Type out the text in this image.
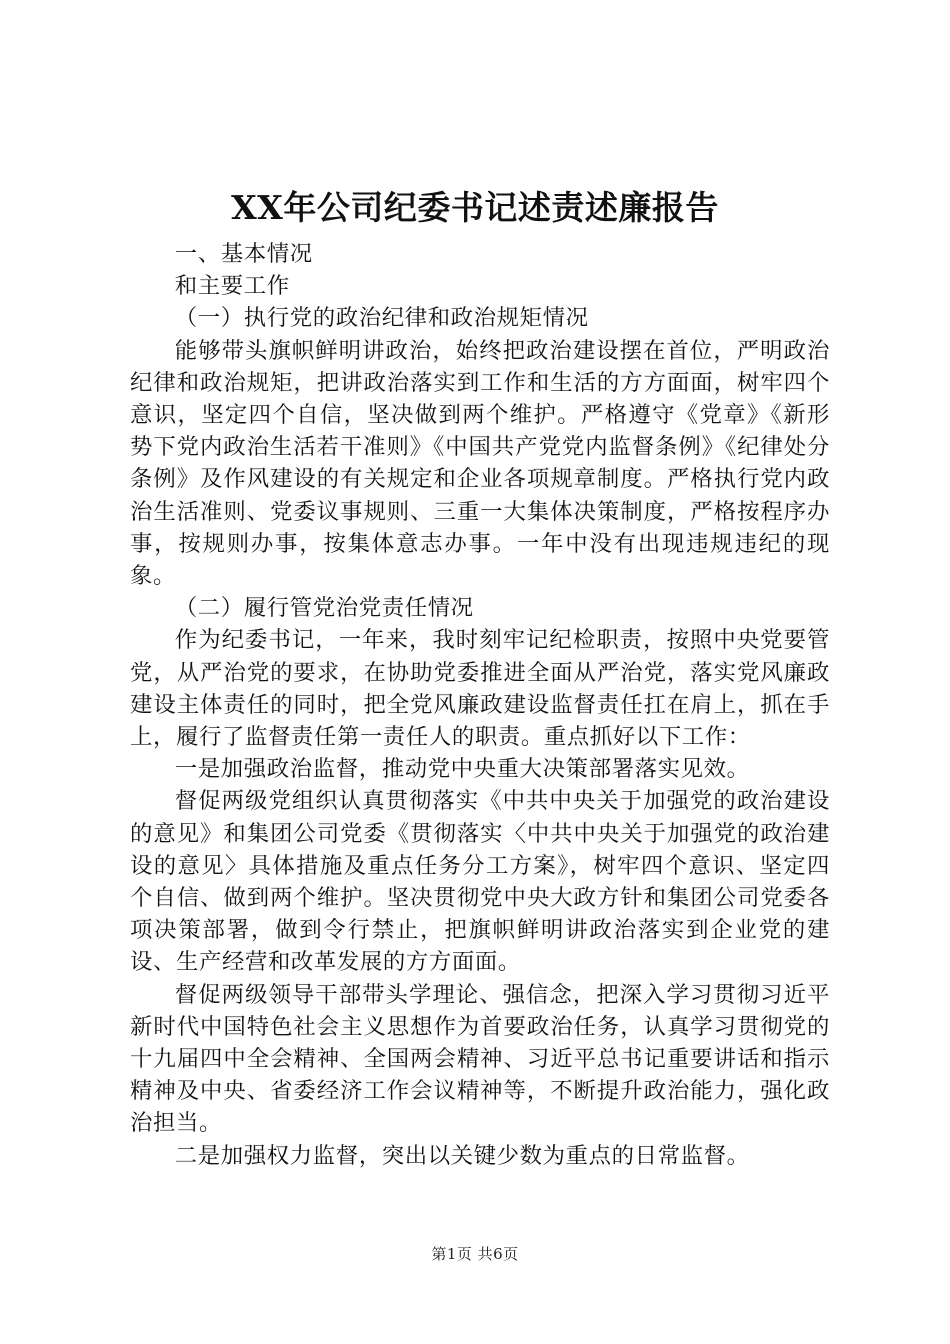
XX年公司纪委书记述责述廉报告

一、基本情况

和主要工作

（一）执行党的政治纪律和政治规矩情况

能够带头旗帜鲜明讲政治，始终把政治建设摆在首位，严明政治纪律和政治规矩，把讲政治落实到工作和生活的方方面面，树牢四个意识，坚定四个自信，坚决做到两个维护。严格遵守《党章》《新形势下党内政治生活若干准则》《中国共产党党内监督条例》《纪律处分条例》及作风建设的有关规定和企业各项规章制度。严格执行党内政治生活准则、党委议事规则、三重一大集体决策制度，严格按程序办事，按规则办事，按集体意志办事。一年中没有出现违规违纪的现象。

（二）履行管党治党责任情况

作为纪委书记，一年来，我时刻牢记纪检职责，按照中央党要管党，从严治党的要求，在协助党委推进全面从严治党，落实党风廉政建设主体责任的同时，把全党风廉政建设监督责任扛在肩上，抓在手上，履行了监督责任第一责任人的职责。重点抓好以下工作：

一是加强政治监督，推动党中央重大决策部署落实见效。

督促两级党组织认真贯彻落实《中共中央关于加强党的政治建设的意见》和集团公司党委《贯彻落实〈中共中央关于加强党的政治建设的意见〉具体措施及重点任务分工方案》，树牢四个意识、坚定四个自信、做到两个维护。坚决贯彻党中央大政方针和集团公司党委各项决策部署，做到令行禁止，把旗帜鲜明讲政治落实到企业党的建设、生产经营和改革发展的方方面面。

督促两级领导干部带头学理论、强信念，把深入学习贯彻习近平新时代中国特色社会主义思想作为首要政治任务，认真学习贯彻党的十九届四中全会精神、全国两会精神、习近平总书记重要讲话和指示精神及中央、省委经济工作会议精神等，不断提升政治能力，强化政治担当。

二是加强权力监督，突出以关键少数为重点的日常监督。

第1页 共6页
